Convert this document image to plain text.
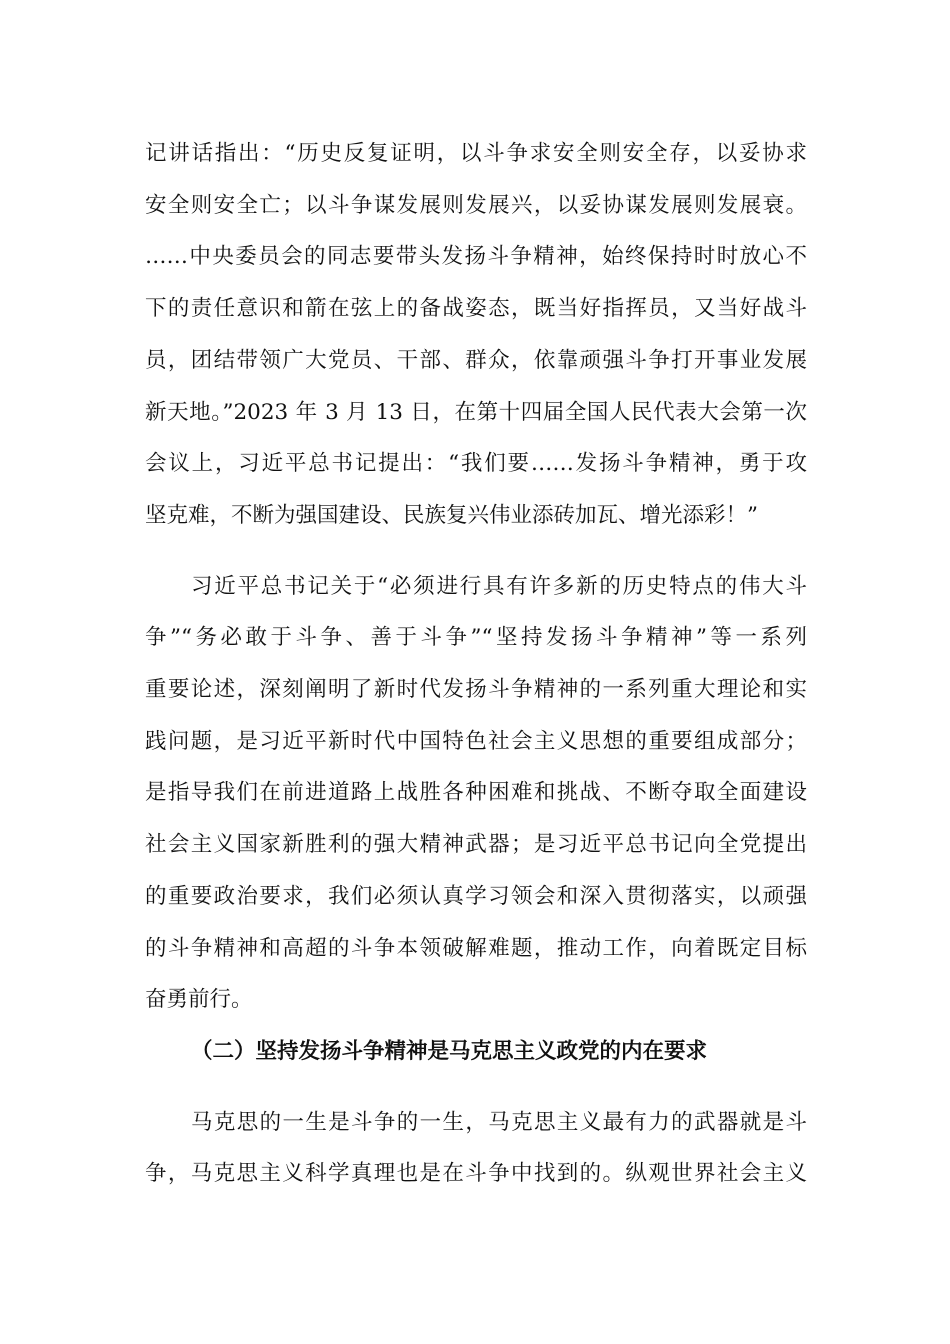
记讲话指出：“历史反复证明，以斗争求安全则安全存，以妥协求
安全则安全亡；以斗争谋发展则发展兴，以妥协谋发展则发展衰。
……中央委员会的同志要带头发扬斗争精神，始终保持时时放心不
下的责任意识和箭在弦上的备战姿态，既当好指挥员，又当好战斗
员，团结带领广大党员、干部、群众，依靠顽强斗争打开事业发展
新天地。”2023 年 3 月 13 日，在第十四届全国人民代表大会第一次
会议上，习近平总书记提出：“我们要……发扬斗争精神，勇于攻
坚克难，不断为强国建设、民族复兴伟业添砖加瓦、增光添彩！”

习近平总书记关于“必须进行具有许多新的历史特点的伟大斗
争”“务必敢于斗争、善于斗争”“坚持发扬斗争精神”等一系列
重要论述，深刻阐明了新时代发扬斗争精神的一系列重大理论和实
践问题，是习近平新时代中国特色社会主义思想的重要组成部分；
是指导我们在前进道路上战胜各种困难和挑战、不断夺取全面建设
社会主义国家新胜利的强大精神武器；是习近平总书记向全党提出
的重要政治要求，我们必须认真学习领会和深入贯彻落实，以顽强
的斗争精神和高超的斗争本领破解难题，推动工作，向着既定目标
奋勇前行。

（二）坚持发扬斗争精神是马克思主义政党的内在要求

马克思的一生是斗争的一生，马克思主义最有力的武器就是斗
争，马克思主义科学真理也是在斗争中找到的。纵观世界社会主义
